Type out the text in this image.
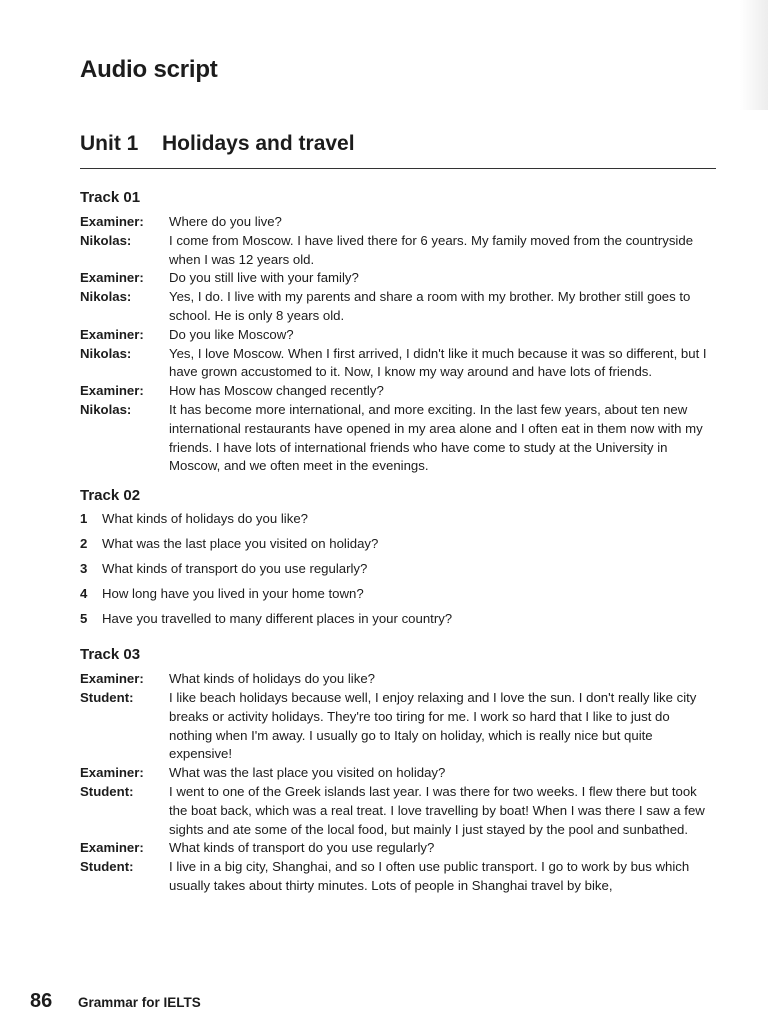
Audio script
Unit 1 Holidays and travel
Track 01
Examiner:	Where do you live?
Nikolas:	I come from Moscow. I have lived there for 6 years. My family moved from the countryside when I was 12 years old.
Examiner:	Do you still live with your family?
Nikolas:	Yes, I do. I live with my parents and share a room with my brother. My brother still goes to school. He is only 8 years old.
Examiner:	Do you like Moscow?
Nikolas:	Yes, I love Moscow. When I first arrived, I didn't like it much because it was so different, but I have grown accustomed to it. Now, I know my way around and have lots of friends.
Examiner:	How has Moscow changed recently?
Nikolas:	It has become more international, and more exciting. In the last few years, about ten new international restaurants have opened in my area alone and I often eat in them now with my friends. I have lots of international friends who have come to study at the University in Moscow, and we often meet in the evenings.
Track 02
1	What kinds of holidays do you like?
2	What was the last place you visited on holiday?
3	What kinds of transport do you use regularly?
4	How long have you lived in your home town?
5	Have you travelled to many different places in your country?
Track 03
Examiner:	What kinds of holidays do you like?
Student:	I like beach holidays because well, I enjoy relaxing and I love the sun. I don't really like city breaks or activity holidays. They're too tiring for me. I work so hard that I like to just do nothing when I'm away. I usually go to Italy on holiday, which is really nice but quite expensive!
Examiner:	What was the last place you visited on holiday?
Student:	I went to one of the Greek islands last year. I was there for two weeks. I flew there but took the boat back, which was a real treat. I love travelling by boat! When I was there I saw a few sights and ate some of the local food, but mainly I just stayed by the pool and sunbathed.
Examiner:	What kinds of transport do you use regularly?
Student:	I live in a big city, Shanghai, and so I often use public transport. I go to work by bus which usually takes about thirty minutes. Lots of people in Shanghai travel by bike,
86	Grammar for IELTS
